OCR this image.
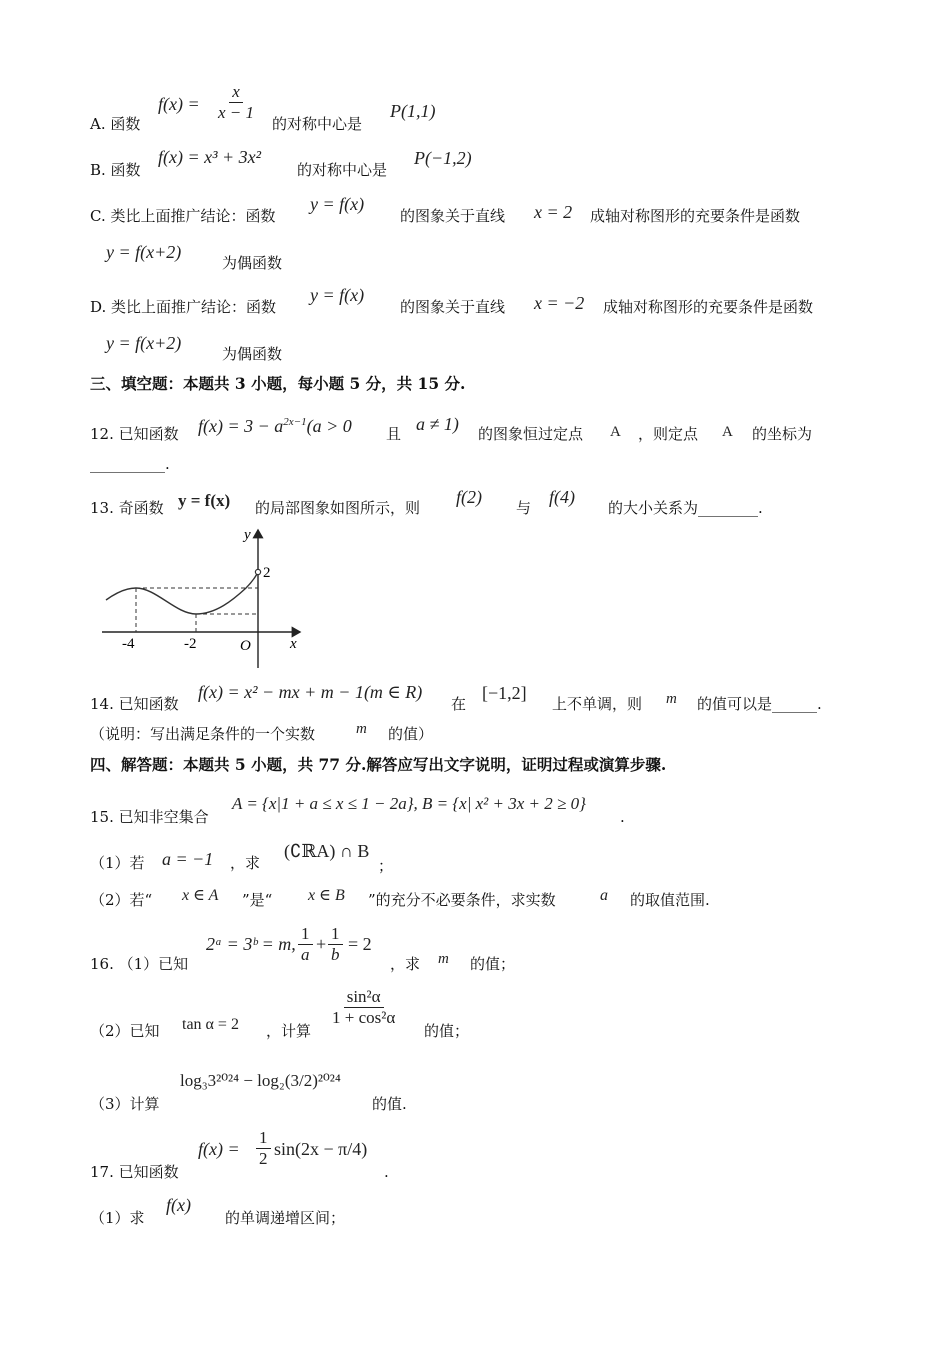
A. 函数
$f(x) = \frac{x}{x - 1}$
的对称中心是
P(1,1)
B. 函数
f(x) = x³ + 3x²
的对称中心是
P(−1,2)
C. 类比上面推广结论：函数
y = f(x)
的图象关于直线 x = 2 成轴对称图形的充要条件是函数
y = f(x+2)
为偶函数
D. 类比上面推广结论：函数
y = f(x)
的图象关于直线 x = −2 成轴对称图形的充要条件是函数
y = f(x+2)
为偶函数
三、填空题：本题共 3 小题，每小题 5 分，共 15 分.
12. 已知函数 $f(x) = 3 - a^{2x-1}(a > 0$ 且 a ≠ 1) 的图象恒过定点 A ，则定点 A 的坐标为
__________.
13. 奇函数 y = f(x) 的局部图象如图所示，则
f(2)
与
f(4)
的大小关系为________.
y
x
O
2
-4	-2
14. 已知函数
f(x) = x² − mx + m − 1(m ∈ R)
在
[−1,2]
上不单调，则 m 的值可以是______.
（说明：写出满足条件的一个实数	m 的值）
四、解答题：本题共 5 小题，共 77 分.解答应写出文字说明，证明过程或演算步骤.
15. 已知非空集合
A = {x|1 + a ≤ x ≤ 1 − 2a}, B = {x| x² + 3x + 2 ≥ 0}
.
（1）若 a = −1 ，求
(∁ℝA) ∩ B
；
（2）若“ x ∈ A ”是“ x ∈ B ”的充分不必要条件，求实数	a 的取值范围.
16. （1）已知
2ᵃ = 3ᵇ = m, $\frac{1}{a} + \frac{1}{b} = 2$
，求 m 的值；
（2）已知 tan α = 2 ，计算
$\frac{\text{sin²α}}{\text{1 + cos²α}}$
的值；
（3）计算
log₃3²⁰²⁴ − log₂(3/2)²⁰²⁴
的值.
17. 已知函数
$f(x) = \frac{1}{2} \sin(2x - \pi/4)$
.
（1）求
f(x)
的单调递增区间；
